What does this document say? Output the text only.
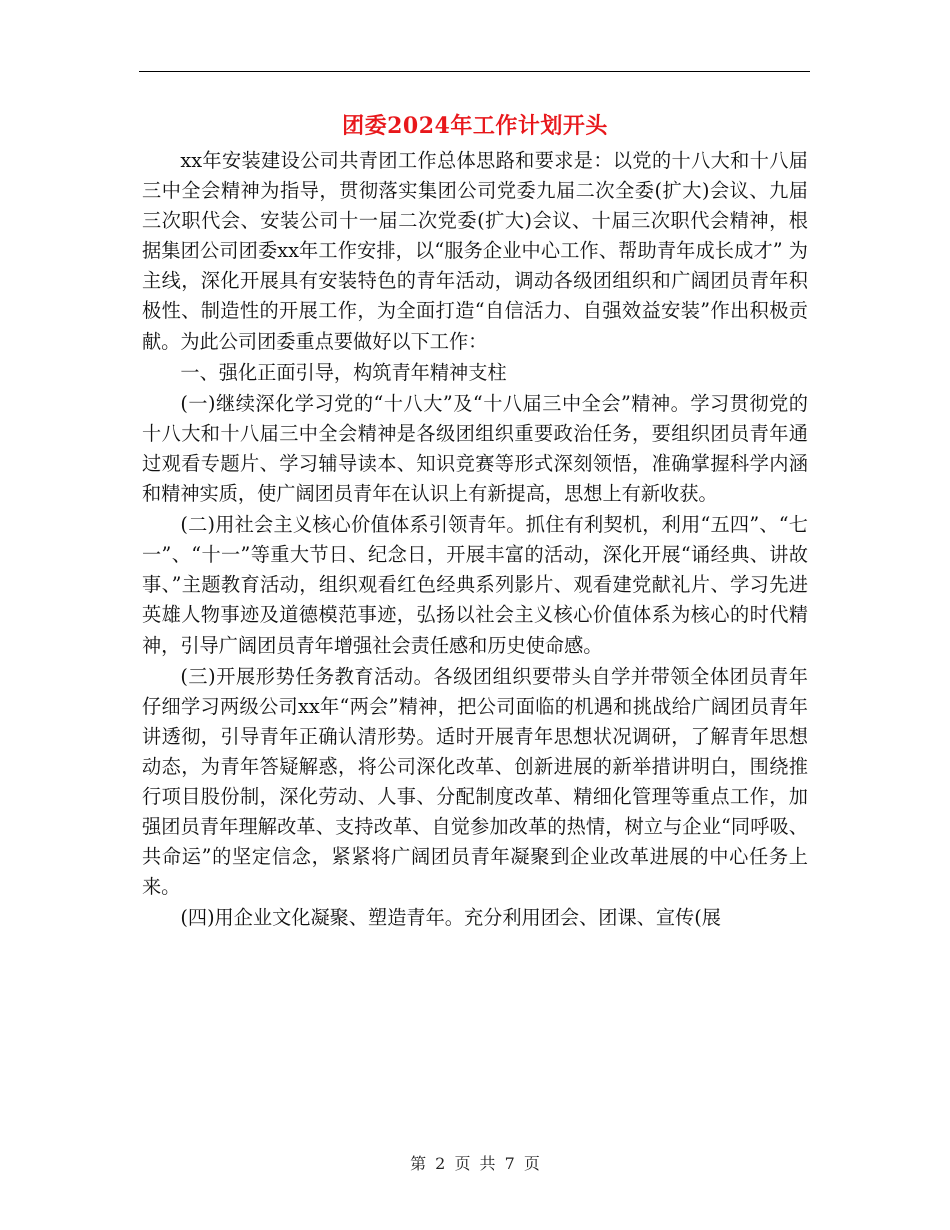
团委2024年工作计划开头

xx年安装建设公司共青团工作总体思路和要求是：以党的十八大和十八届三中全会精神为指导，贯彻落实集团公司党委九届二次全委(扩大)会议、九届三次职代会、安装公司十一届二次党委(扩大)会议、十届三次职代会精神，根据集团公司团委xx年工作安排，以“服务企业中心工作、帮助青年成长成才” 为主线，深化开展具有安装特色的青年活动，调动各级团组织和广阔团员青年积极性、制造性的开展工作，为全面打造“自信活力、自强效益安装”作出积极贡献。为此公司团委重点要做好以下工作：

一、强化正面引导，构筑青年精神支柱

(一)继续深化学习党的“十八大”及“十八届三中全会”精神。学习贯彻党的十八大和十八届三中全会精神是各级团组织重要政治任务，要组织团员青年通过观看专题片、学习辅导读本、知识竞赛等形式深刻领悟，准确掌握科学内涵和精神实质，使广阔团员青年在认识上有新提高，思想上有新收获。

(二)用社会主义核心价值体系引领青年。抓住有利契机，利用“五四”、“七一”、“十一”等重大节日、纪念日，开展丰富的活动，深化开展“诵经典、讲故事、”主题教育活动，组织观看红色经典系列影片、观看建党献礼片、学习先进英雄人物事迹及道德模范事迹，弘扬以社会主义核心价值体系为核心的时代精神，引导广阔团员青年增强社会责任感和历史使命感。

(三)开展形势任务教育活动。各级团组织要带头自学并带领全体团员青年仔细学习两级公司xx年“两会”精神，把公司面临的机遇和挑战给广阔团员青年讲透彻，引导青年正确认清形势。适时开展青年思想状况调研，了解青年思想动态，为青年答疑解惑，将公司深化改革、创新进展的新举措讲明白，围绕推行项目股份制，深化劳动、人事、分配制度改革、精细化管理等重点工作，加强团员青年理解改革、支持改革、自觉参加改革的热情，树立与企业“同呼吸、共命运”的坚定信念，紧紧将广阔团员青年凝聚到企业改革进展的中心任务上来。

(四)用企业文化凝聚、塑造青年。充分利用团会、团课、宣传(展

第 2 页 共 7 页
